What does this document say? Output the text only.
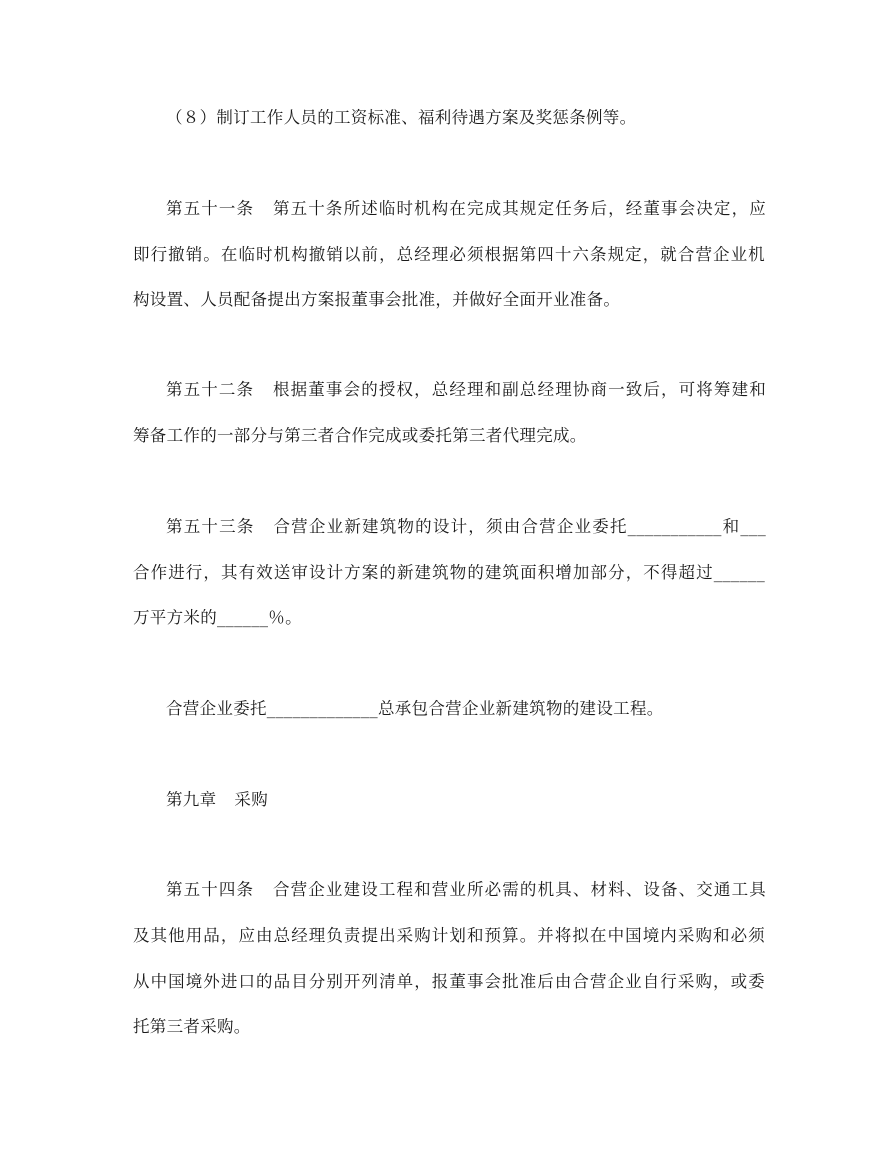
（８）制订工作人员的工资标准、福利待遇方案及奖惩条例等。
第五十一条 第五十条所述临时机构在完成其规定任务后，经董事会决定，应
即行撤销。在临时机构撤销以前，总经理必须根据第四十六条规定，就合营企业机
构设置、人员配备提出方案报董事会批准，并做好全面开业准备。
第五十二条 根据董事会的授权，总经理和副总经理协商一致后，可将筹建和
筹备工作的一部分与第三者合作完成或委托第三者代理完成。
第五十三条 合营企业新建筑物的设计，须由合营企业委托___________和___
合作进行，其有效送审设计方案的新建筑物的建筑面积增加部分，不得超过______
万平方米的______％。
合营企业委托_____________总承包合营企业新建筑物的建设工程。
第九章 采购
第五十四条 合营企业建设工程和营业所必需的机具、材料、设备、交通工具
及其他用品，应由总经理负责提出采购计划和预算。并将拟在中国境内采购和必须
从中国境外进口的品目分别开列清单，报董事会批准后由合营企业自行采购，或委
托第三者采购。
